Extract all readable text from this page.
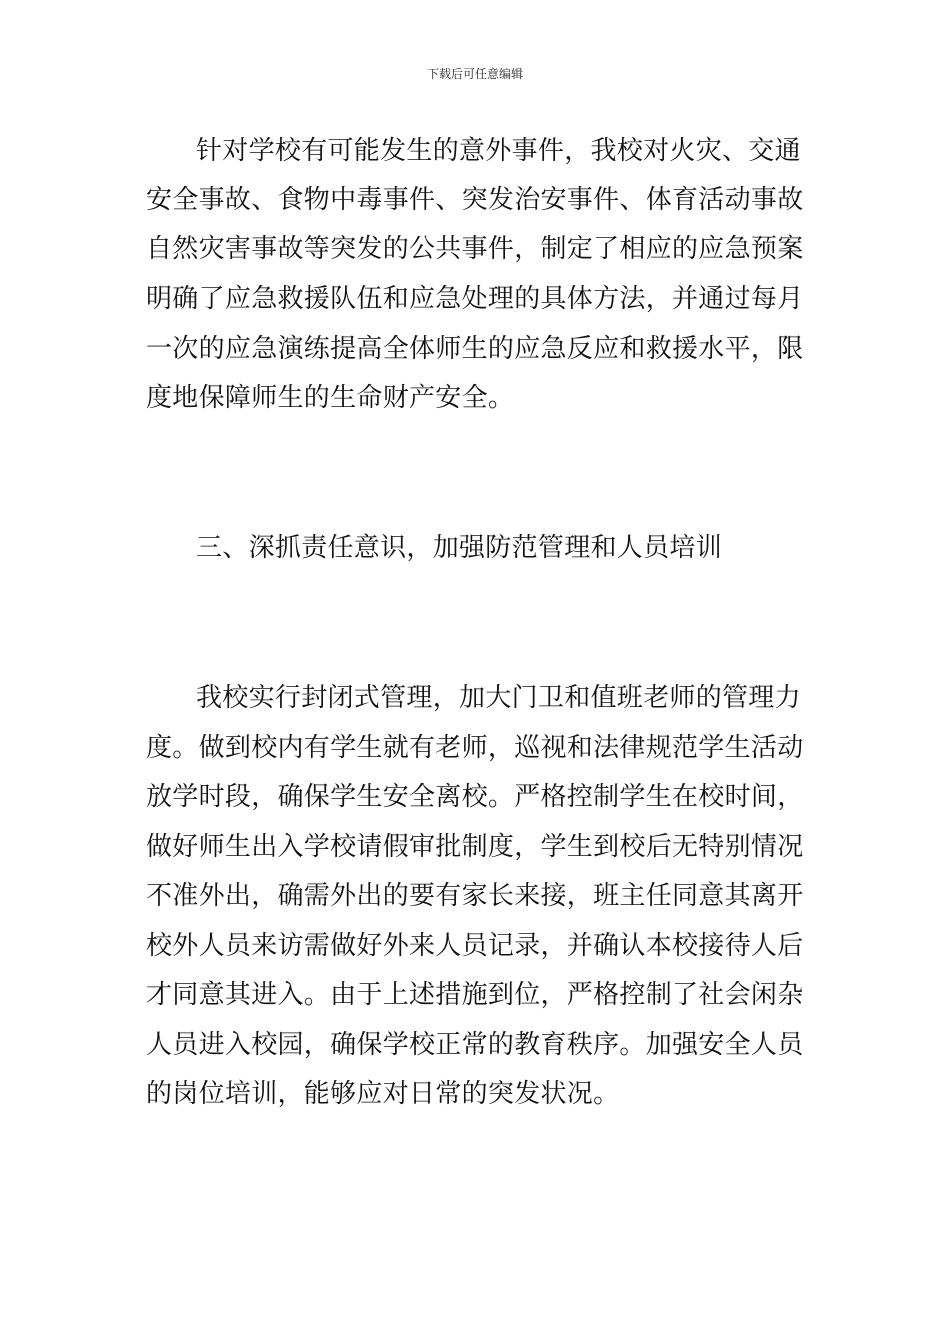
下载后可任意编辑
针对学校有可能发生的意外事件，我校对火灾、交通
安全事故、食物中毒事件、突发治安事件、体育活动事故
自然灾害事故等突发的公共事件，制定了相应的应急预案
明确了应急救援队伍和应急处理的具体方法，并通过每月
一次的应急演练提高全体师生的应急反应和救援水平，限
度地保障师生的生命财产安全。
三、深抓责任意识，加强防范管理和人员培训
我校实行封闭式管理，加大门卫和值班老师的管理力
度。做到校内有学生就有老师，巡视和法律规范学生活动
放学时段，确保学生安全离校。严格控制学生在校时间，
做好师生出入学校请假审批制度，学生到校后无特别情况
不准外出，确需外出的要有家长来接，班主任同意其离开
校外人员来访需做好外来人员记录，并确认本校接待人后
才同意其进入。由于上述措施到位，严格控制了社会闲杂
人员进入校园，确保学校正常的教育秩序。加强安全人员
的岗位培训，能够应对日常的突发状况。
